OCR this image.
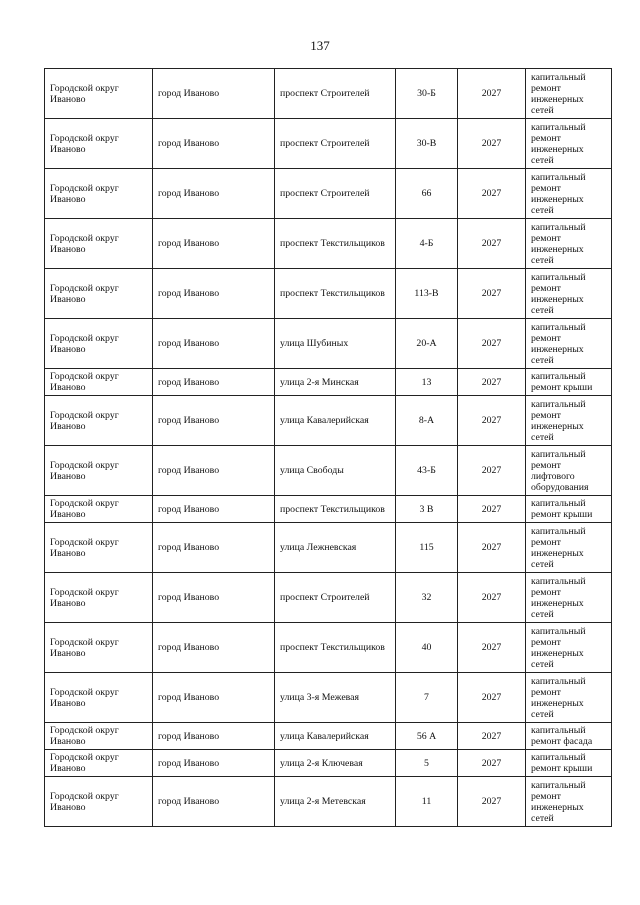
137
Городской округ Иваново	город Иваново	проспект Строителей	30-Б	2027	капитальный ремонт инженерных сетей
Городской округ Иваново	город Иваново	проспект Строителей	30-В	2027	капитальный ремонт инженерных сетей
Городской округ Иваново	город Иваново	проспект Строителей	66	2027	капитальный ремонт инженерных сетей
Городской округ Иваново	город Иваново	проспект Текстильщиков	4-Б	2027	капитальный ремонт инженерных сетей
Городской округ Иваново	город Иваново	проспект Текстильщиков	113-В	2027	капитальный ремонт инженерных сетей
Городской округ Иваново	город Иваново	улица Шубиных	20-А	2027	капитальный ремонт инженерных сетей
Городской округ Иваново	город Иваново	улица 2-я Минская	13	2027	капитальный ремонт крыши
Городской округ Иваново	город Иваново	улица Кавалерийская	8-А	2027	капитальный ремонт инженерных сетей
Городской округ Иваново	город Иваново	улица Свободы	43-Б	2027	капитальный ремонт лифтового оборудования
Городской округ Иваново	город Иваново	проспект Текстильщиков	3 В	2027	капитальный ремонт крыши
Городской округ Иваново	город Иваново	улица Лежневская	115	2027	капитальный ремонт инженерных сетей
Городской округ Иваново	город Иваново	проспект Строителей	32	2027	капитальный ремонт инженерных сетей
Городской округ Иваново	город Иваново	проспект Текстильщиков	40	2027	капитальный ремонт инженерных сетей
Городской округ Иваново	город Иваново	улица 3-я Межевая	7	2027	капитальный ремонт инженерных сетей
Городской округ Иваново	город Иваново	улица Кавалерийская	56 А	2027	капитальный ремонт фасада
Городской округ Иваново	город Иваново	улица 2-я Ключевая	5	2027	капитальный ремонт крыши
Городской округ Иваново	город Иваново	улица 2-я Метевская	11	2027	капитальный ремонт инженерных сетей
